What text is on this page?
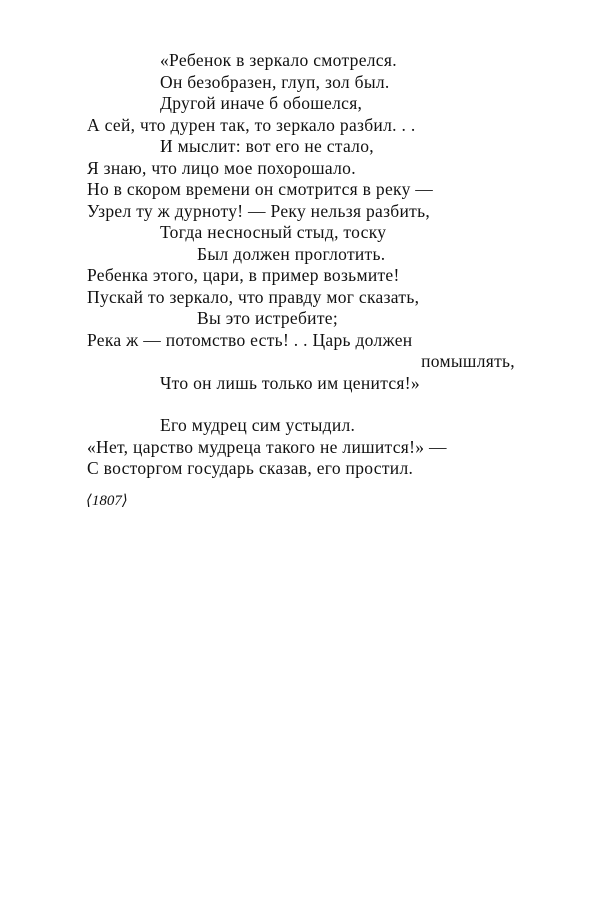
«Ребенок в зеркало смотрелся.
Он безобразен, глуп, зол был.
Другой иначе б обошелся,
А сей, что дурен так, то зеркало разбил. . .
И мыслит: вот его не стало,
Я знаю, что лицо мое похорошало.
Но в скором времени он смотрится в реку —
Узрел ту ж дурноту! — Реку нельзя разбить,
Тогда несносный стыд, тоску
Был должен проглотить.
Ребенка этого, цари, в пример возьмите!
Пускай то зеркало, что правду мог сказать,
Вы это истребите;
Река ж — потомство есть! . . Царь должен
помышлять,
Что он лишь только им ценится!»
Его мудрец сим устыдил.
«Нет, царство мудреца такого не лишится!» —
С восторгом государь сказав, его простил.
⟨1807⟩
